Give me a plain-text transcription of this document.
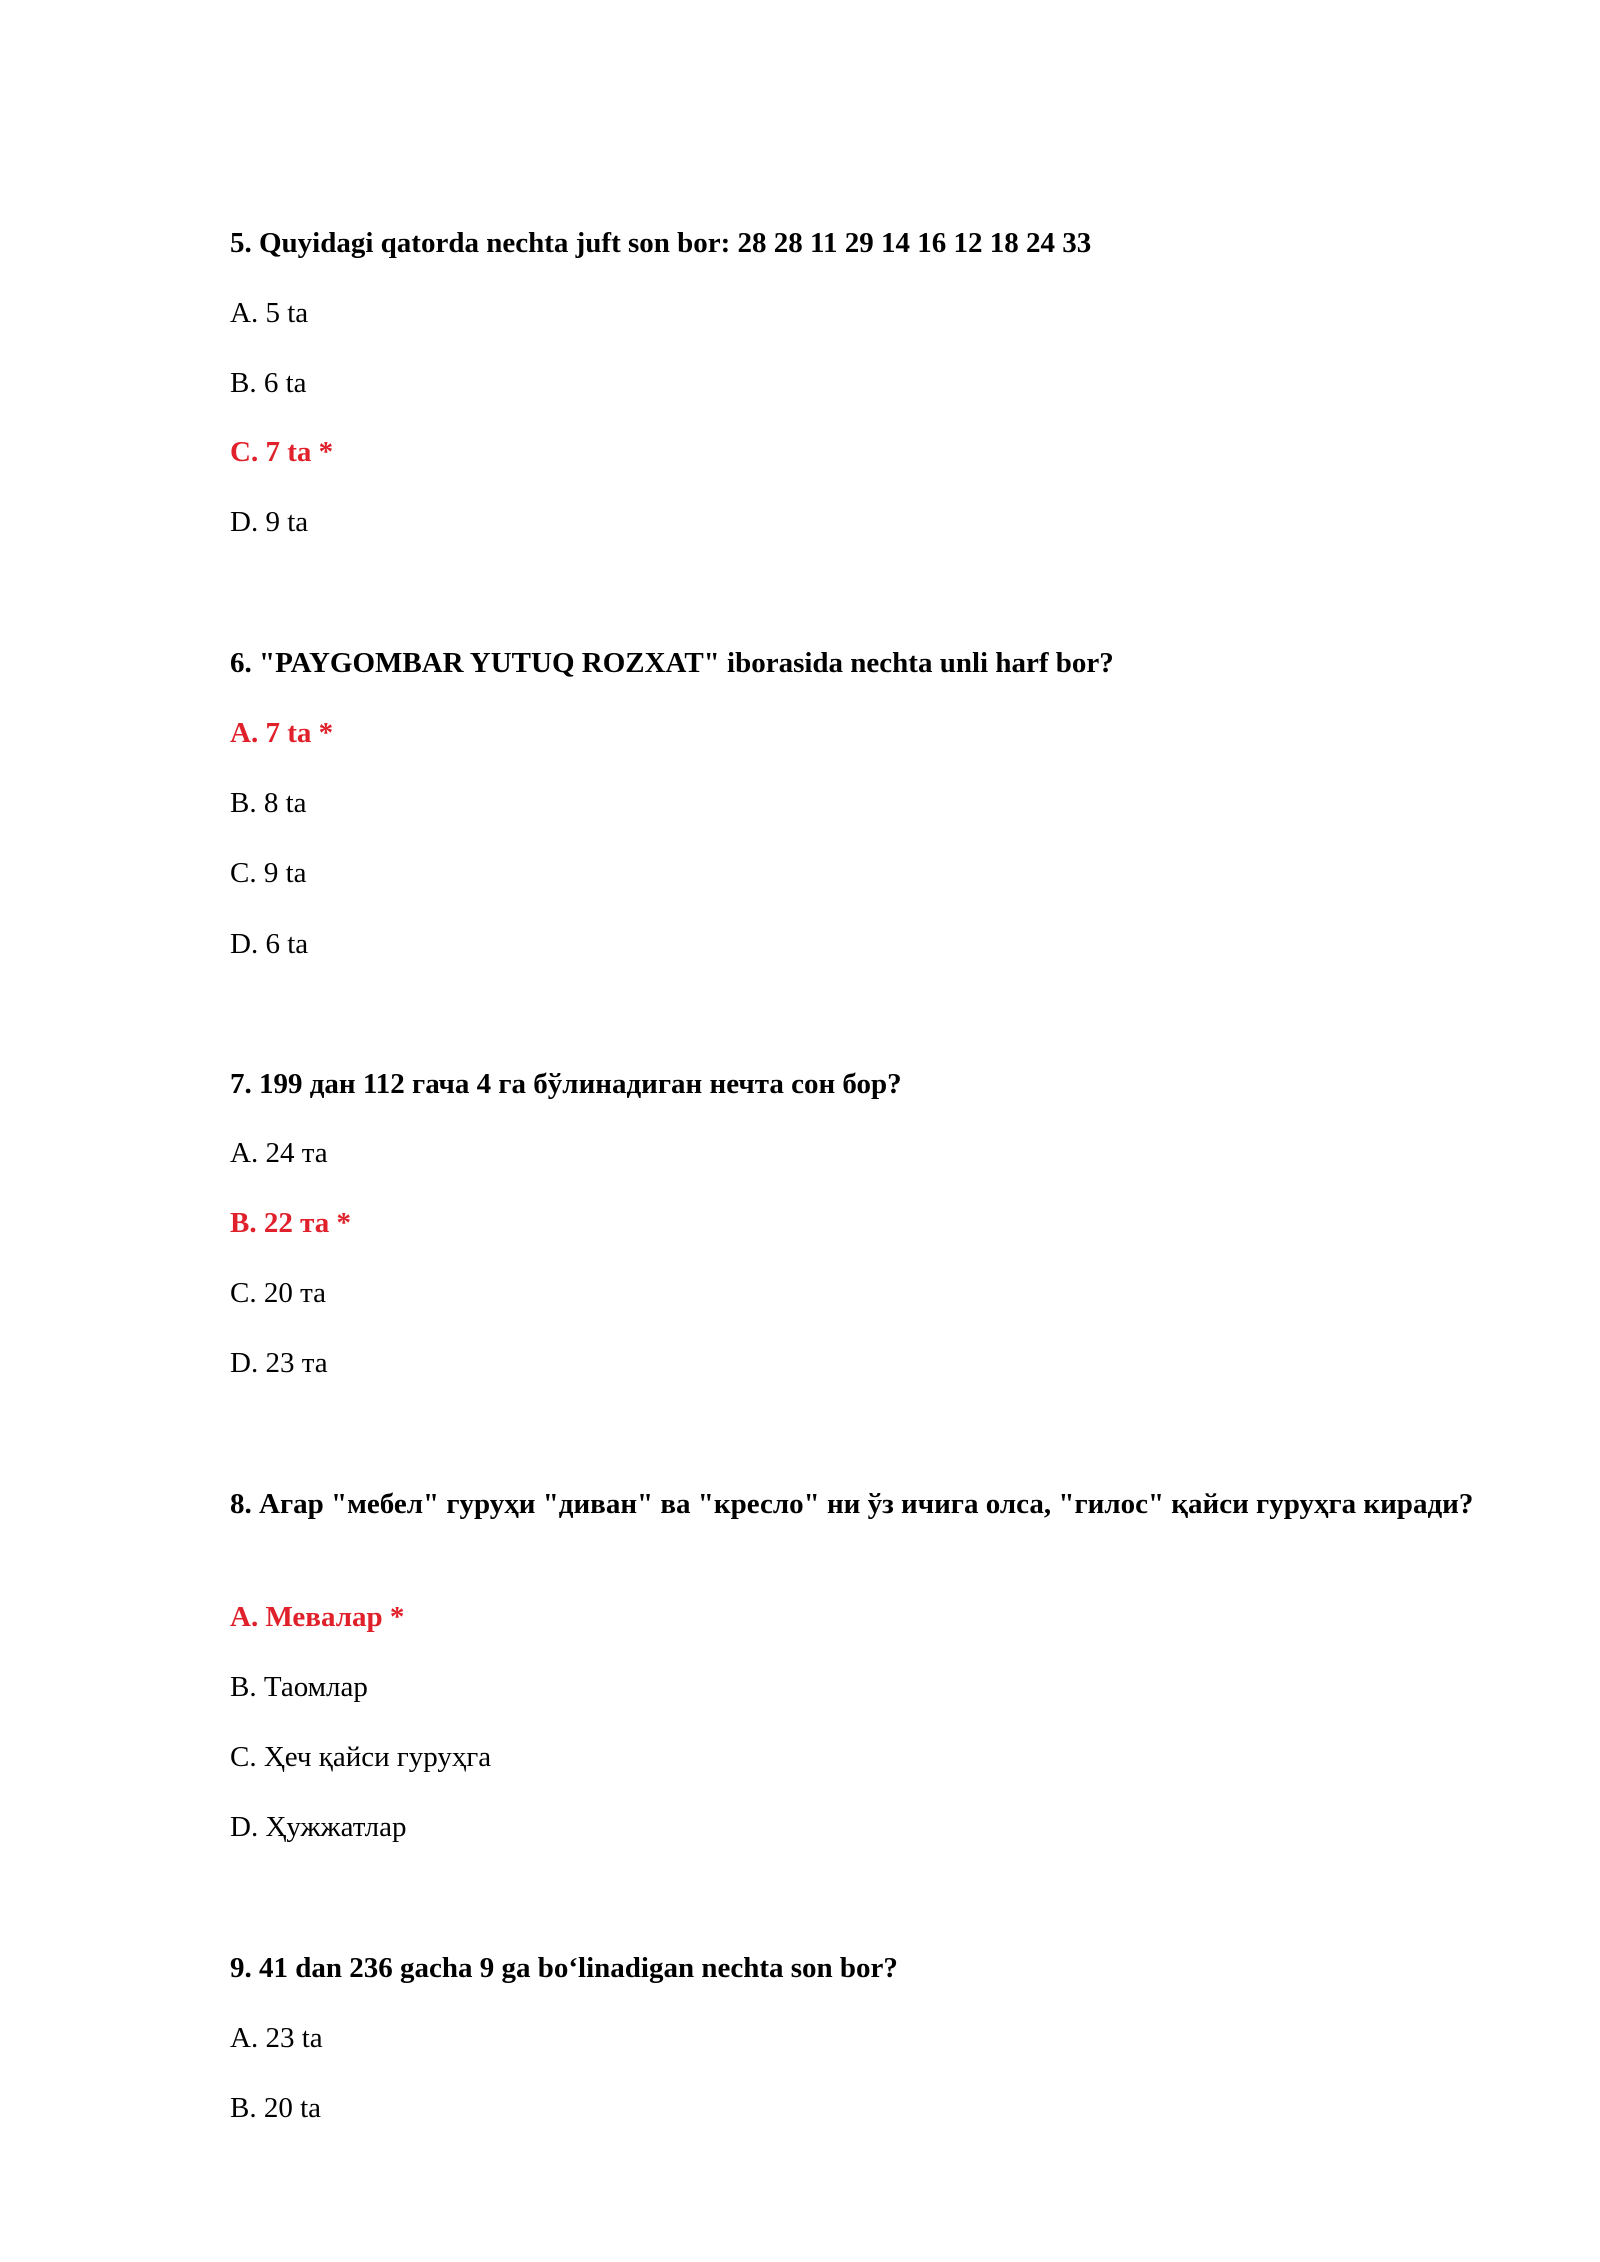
5. Quyidagi qatorda nechta juft son bor: 28 28 11 29 14 16 12 18 24 33
A. 5 ta
B. 6 ta
C. 7 ta *
D. 9 ta
6. "PAYGOMBAR YUTUQ ROZXAT" iborasida nechta unli harf bor?
A. 7 ta *
B. 8 ta
C. 9 ta
D. 6 ta
7. 199 дан 112 гача 4 га бўлинадиган нечта сон бор?
A. 24 та
B. 22 та *
C. 20 та
D. 23 та
8. Агар "мебел" гуруҳи "диван" ва "кресло" ни ўз ичига олса, "гилос" қайси гуруҳга киради?
A. Мевалар *
B. Таомлар
C. Ҳеч қайси гуруҳга
D. Ҳужжатлар
9. 41 dan 236 gacha 9 ga bo‘linadigan nechta son bor?
A. 23 ta
B. 20 ta
